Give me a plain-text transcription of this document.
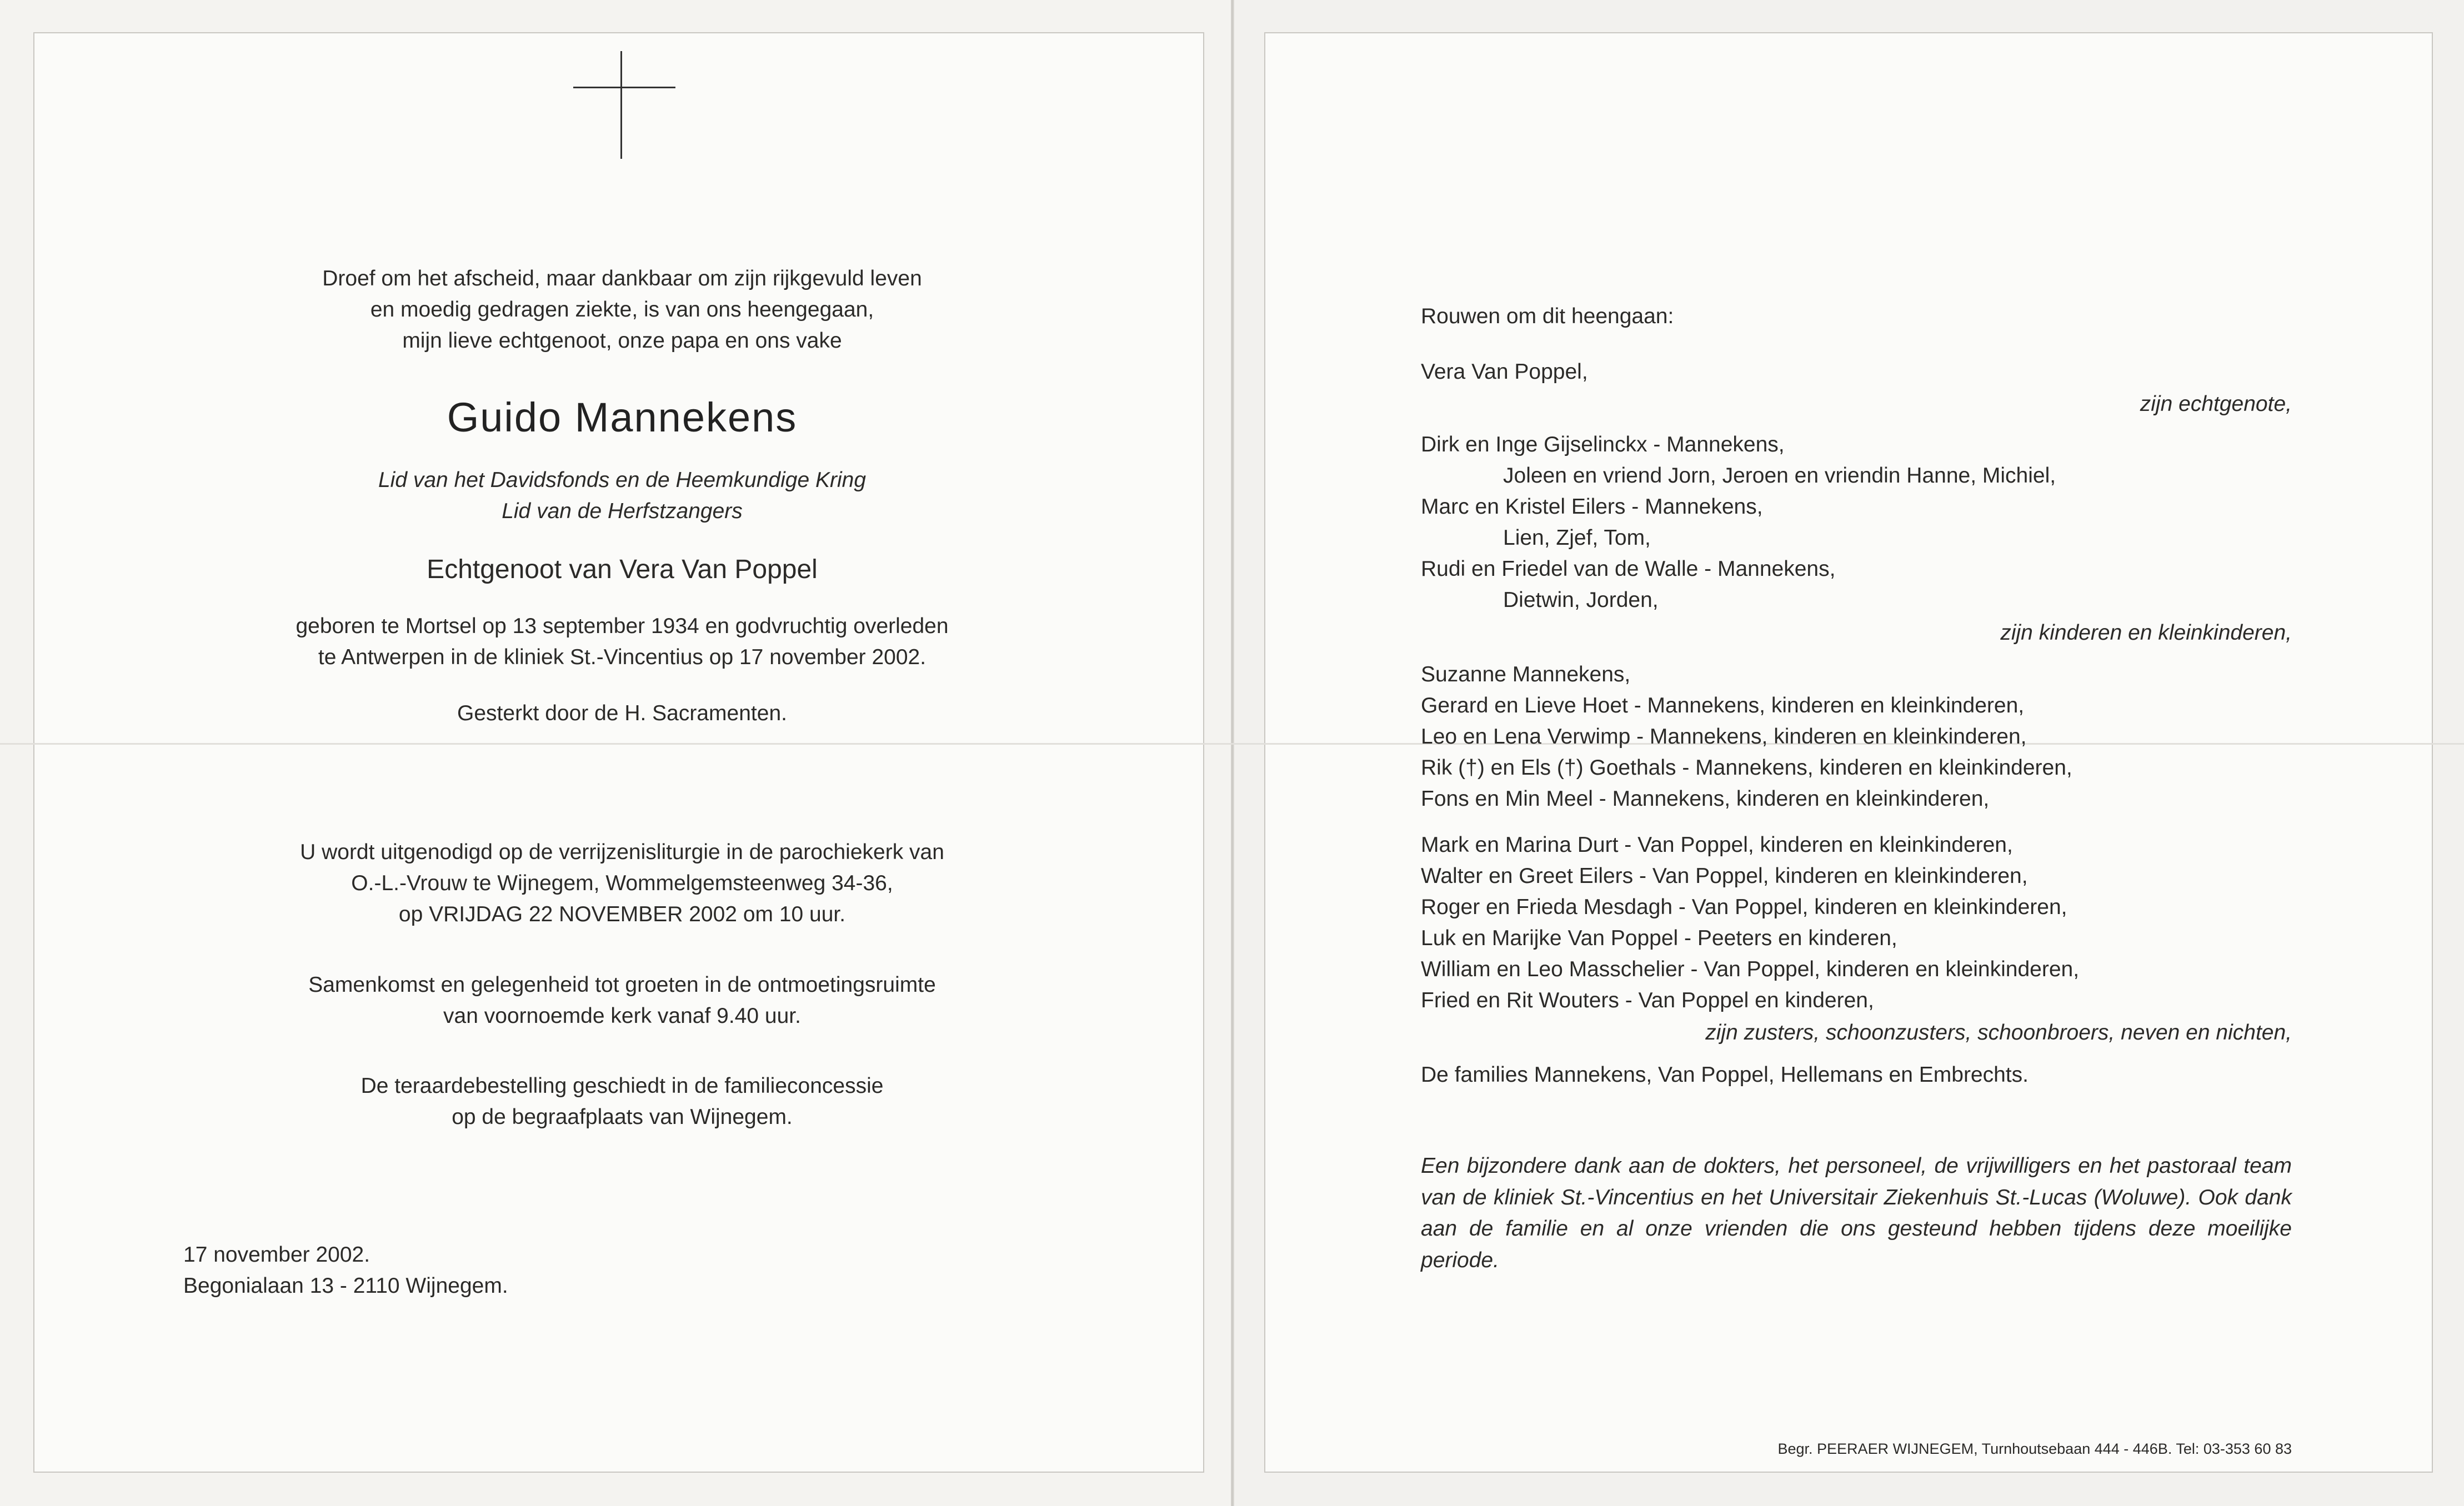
Droef om het afscheid, maar dankbaar om zijn rijkgevuld leven
en moedig gedragen ziekte, is van ons heengegaan,
mijn lieve echtgenoot, onze papa en ons vake

Guido Mannekens

Lid van het Davidsfonds en de Heemkundige Kring
Lid van de Herfstzangers

Echtgenoot van Vera Van Poppel

geboren te Mortsel op 13 september 1934 en godvruchtig overleden
te Antwerpen in de kliniek St.-Vincentius op 17 november 2002.

Gesterkt door de H. Sacramenten.

U wordt uitgenodigd op de verrijzenisliturgie in de parochiekerk van
O.-L.-Vrouw te Wijnegem, Wommelgemsteenweg 34-36,
op VRIJDAG 22 NOVEMBER 2002 om 10 uur.

Samenkomst en gelegenheid tot groeten in de ontmoetingsruimte
van voornoemde kerk vanaf 9.40 uur.

De teraardebestelling geschiedt in de familieconcessie
op de begraafplaats van Wijnegem.

17 november 2002.

Begonialaan 13 - 2110 Wijnegem.

Rouwen om dit heengaan:

Vera Van Poppel,

zijn echtgenote,

Dirk en Inge Gijselinckx - Mannekens,

Joleen en vriend Jorn, Jeroen en vriendin Hanne, Michiel,

Marc en Kristel Eilers - Mannekens,

Lien, Zjef, Tom,

Rudi en Friedel van de Walle - Mannekens,

Dietwin, Jorden,

zijn kinderen en kleinkinderen,

Suzanne Mannekens,

Gerard en Lieve Hoet - Mannekens, kinderen en kleinkinderen,

Leo en Lena Verwimp - Mannekens, kinderen en kleinkinderen,

Rik (†) en Els (†) Goethals - Mannekens, kinderen en kleinkinderen,

Fons en Min Meel - Mannekens, kinderen en kleinkinderen,

Mark en Marina Durt - Van Poppel, kinderen en kleinkinderen,

Walter en Greet Eilers - Van Poppel, kinderen en kleinkinderen,

Roger en Frieda Mesdagh - Van Poppel, kinderen en kleinkinderen,

Luk en Marijke Van Poppel - Peeters en kinderen,

William en Leo Masschelier - Van Poppel, kinderen en kleinkinderen,

Fried en Rit Wouters - Van Poppel en kinderen,

zijn zusters, schoonzusters, schoonbroers, neven en nichten,

De families Mannekens, Van Poppel, Hellemans en Embrechts.

Een bijzondere dank aan de dokters, het personeel, de vrijwilligers en het pastoraal team van de kliniek St.-Vincentius en het Universitair Ziekenhuis St.-Lucas (Woluwe). Ook dank aan de familie en al onze vrienden die ons gesteund hebben tijdens deze moeilijke periode.

Begr. PEERAER WIJNEGEM, Turnhoutsebaan 444 - 446B. Tel: 03-353 60 83
